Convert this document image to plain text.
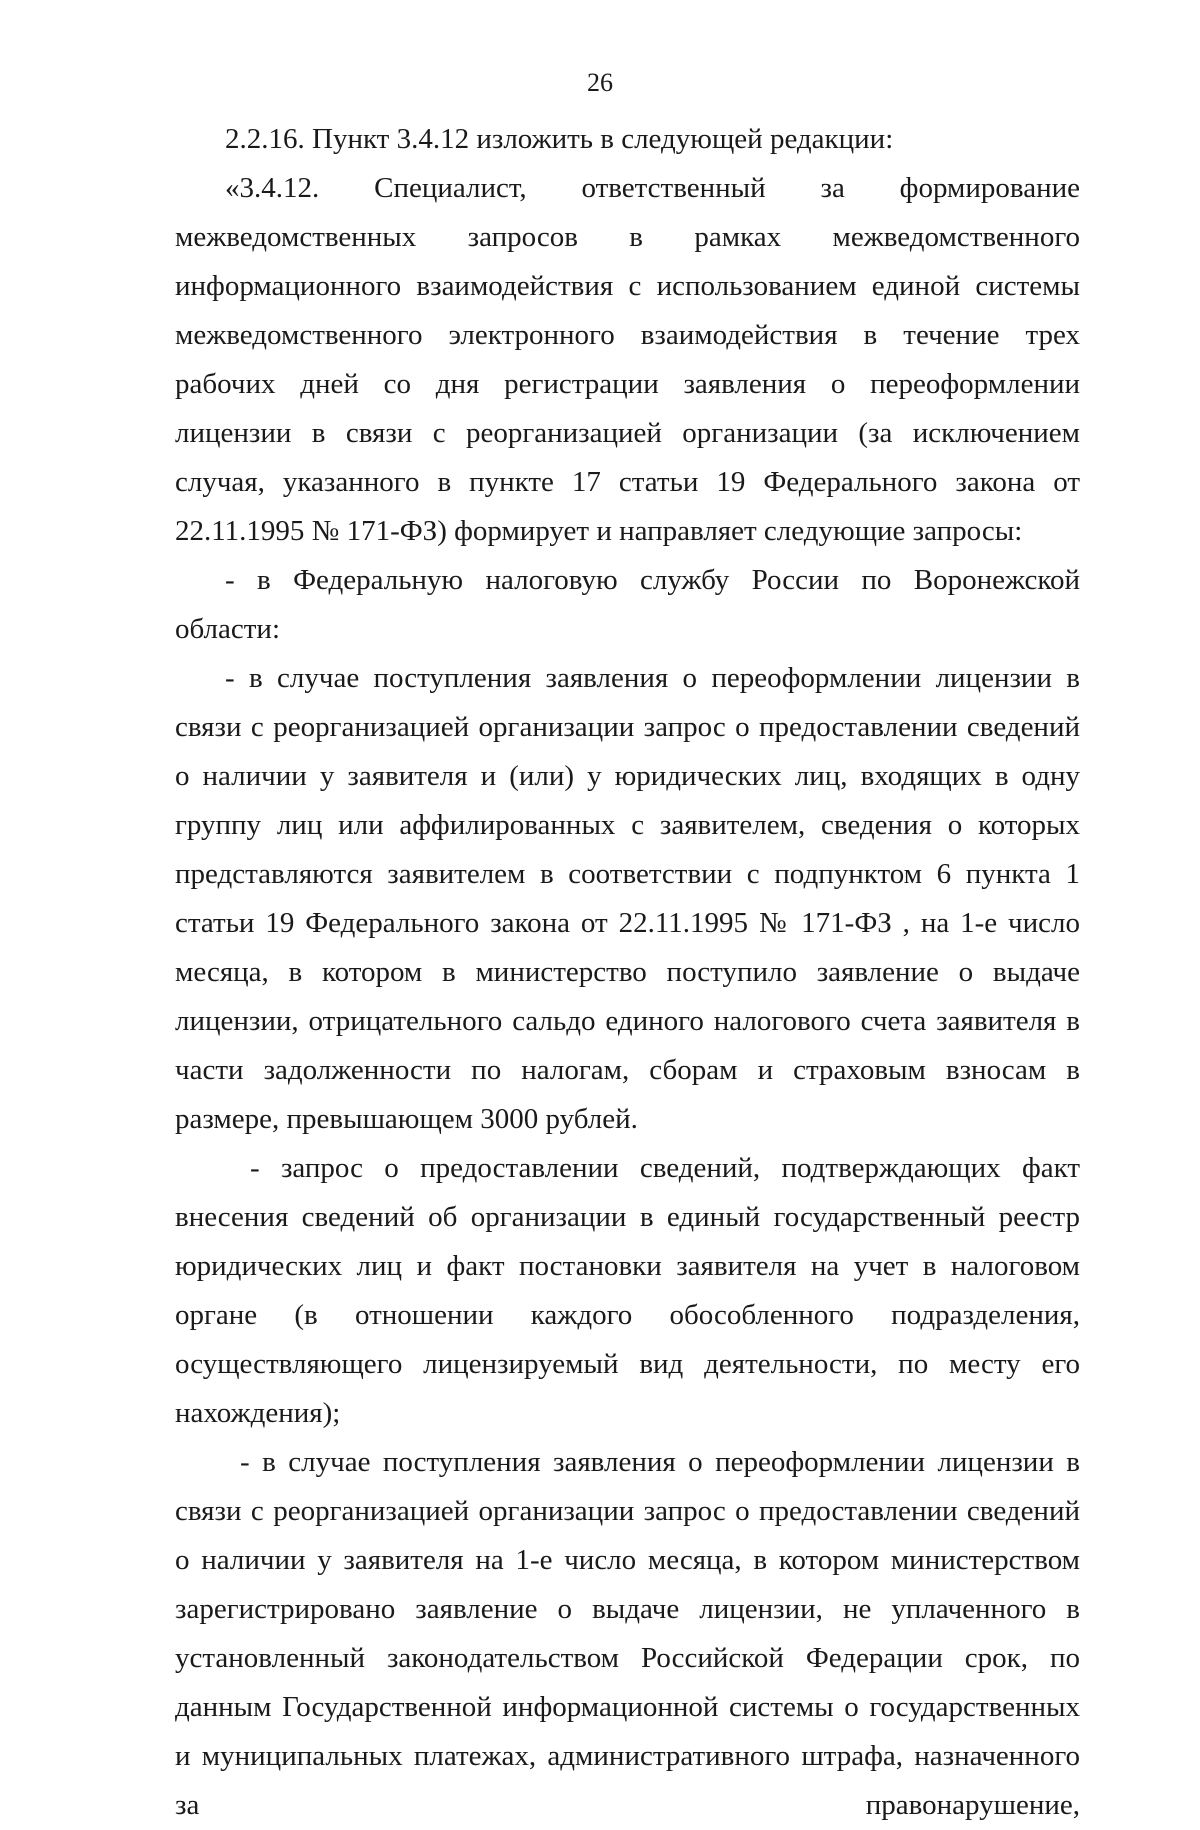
26

2.2.16. Пункт 3.4.12 изложить в следующей редакции:

«3.4.12. Специалист, ответственный за формирование межведомственных запросов в рамках межведомственного информационного взаимодействия с использованием единой системы межведомственного электронного взаимодействия в течение трех рабочих дней со дня регистрации заявления о переоформлении лицензии в связи с реорганизацией организации (за исключением случая, указанного в пункте 17 статьи 19 Федерального закона от 22.11.1995 № 171-ФЗ) формирует и направляет следующие запросы:

- в Федеральную налоговую службу России по Воронежской области:

- в случае поступления заявления о переоформлении лицензии в связи с реорганизацией организации запрос о предоставлении сведений о наличии у заявителя и (или) у юридических лиц, входящих в одну группу лиц или аффилированных с заявителем, сведения о которых представляются заявителем в соответствии с подпунктом 6 пункта 1 статьи 19 Федерального закона от 22.11.1995 № 171-ФЗ , на 1-е число месяца, в котором в министерство поступило заявление о выдаче лицензии, отрицательного сальдо единого налогового счета заявителя в части задолженности по налогам, сборам и страховым взносам в размере, превышающем 3000 рублей.

- запрос о предоставлении сведений, подтверждающих факт внесения сведений об организации в единый государственный реестр юридических лиц и факт постановки заявителя на учет в налоговом органе (в отношении каждого обособленного подразделения, осуществляющего лицензируемый вид деятельности, по месту его нахождения);

- в случае поступления заявления о переоформлении лицензии в связи с реорганизацией организации запрос о предоставлении сведений о наличии у заявителя на 1-е число месяца, в котором министерством зарегистрировано заявление о выдаче лицензии, не уплаченного в установленный законодательством Российской Федерации срок, по данным Государственной информационной системы о государственных и муниципальных платежах, административного штрафа, назначенного за правонарушение,
